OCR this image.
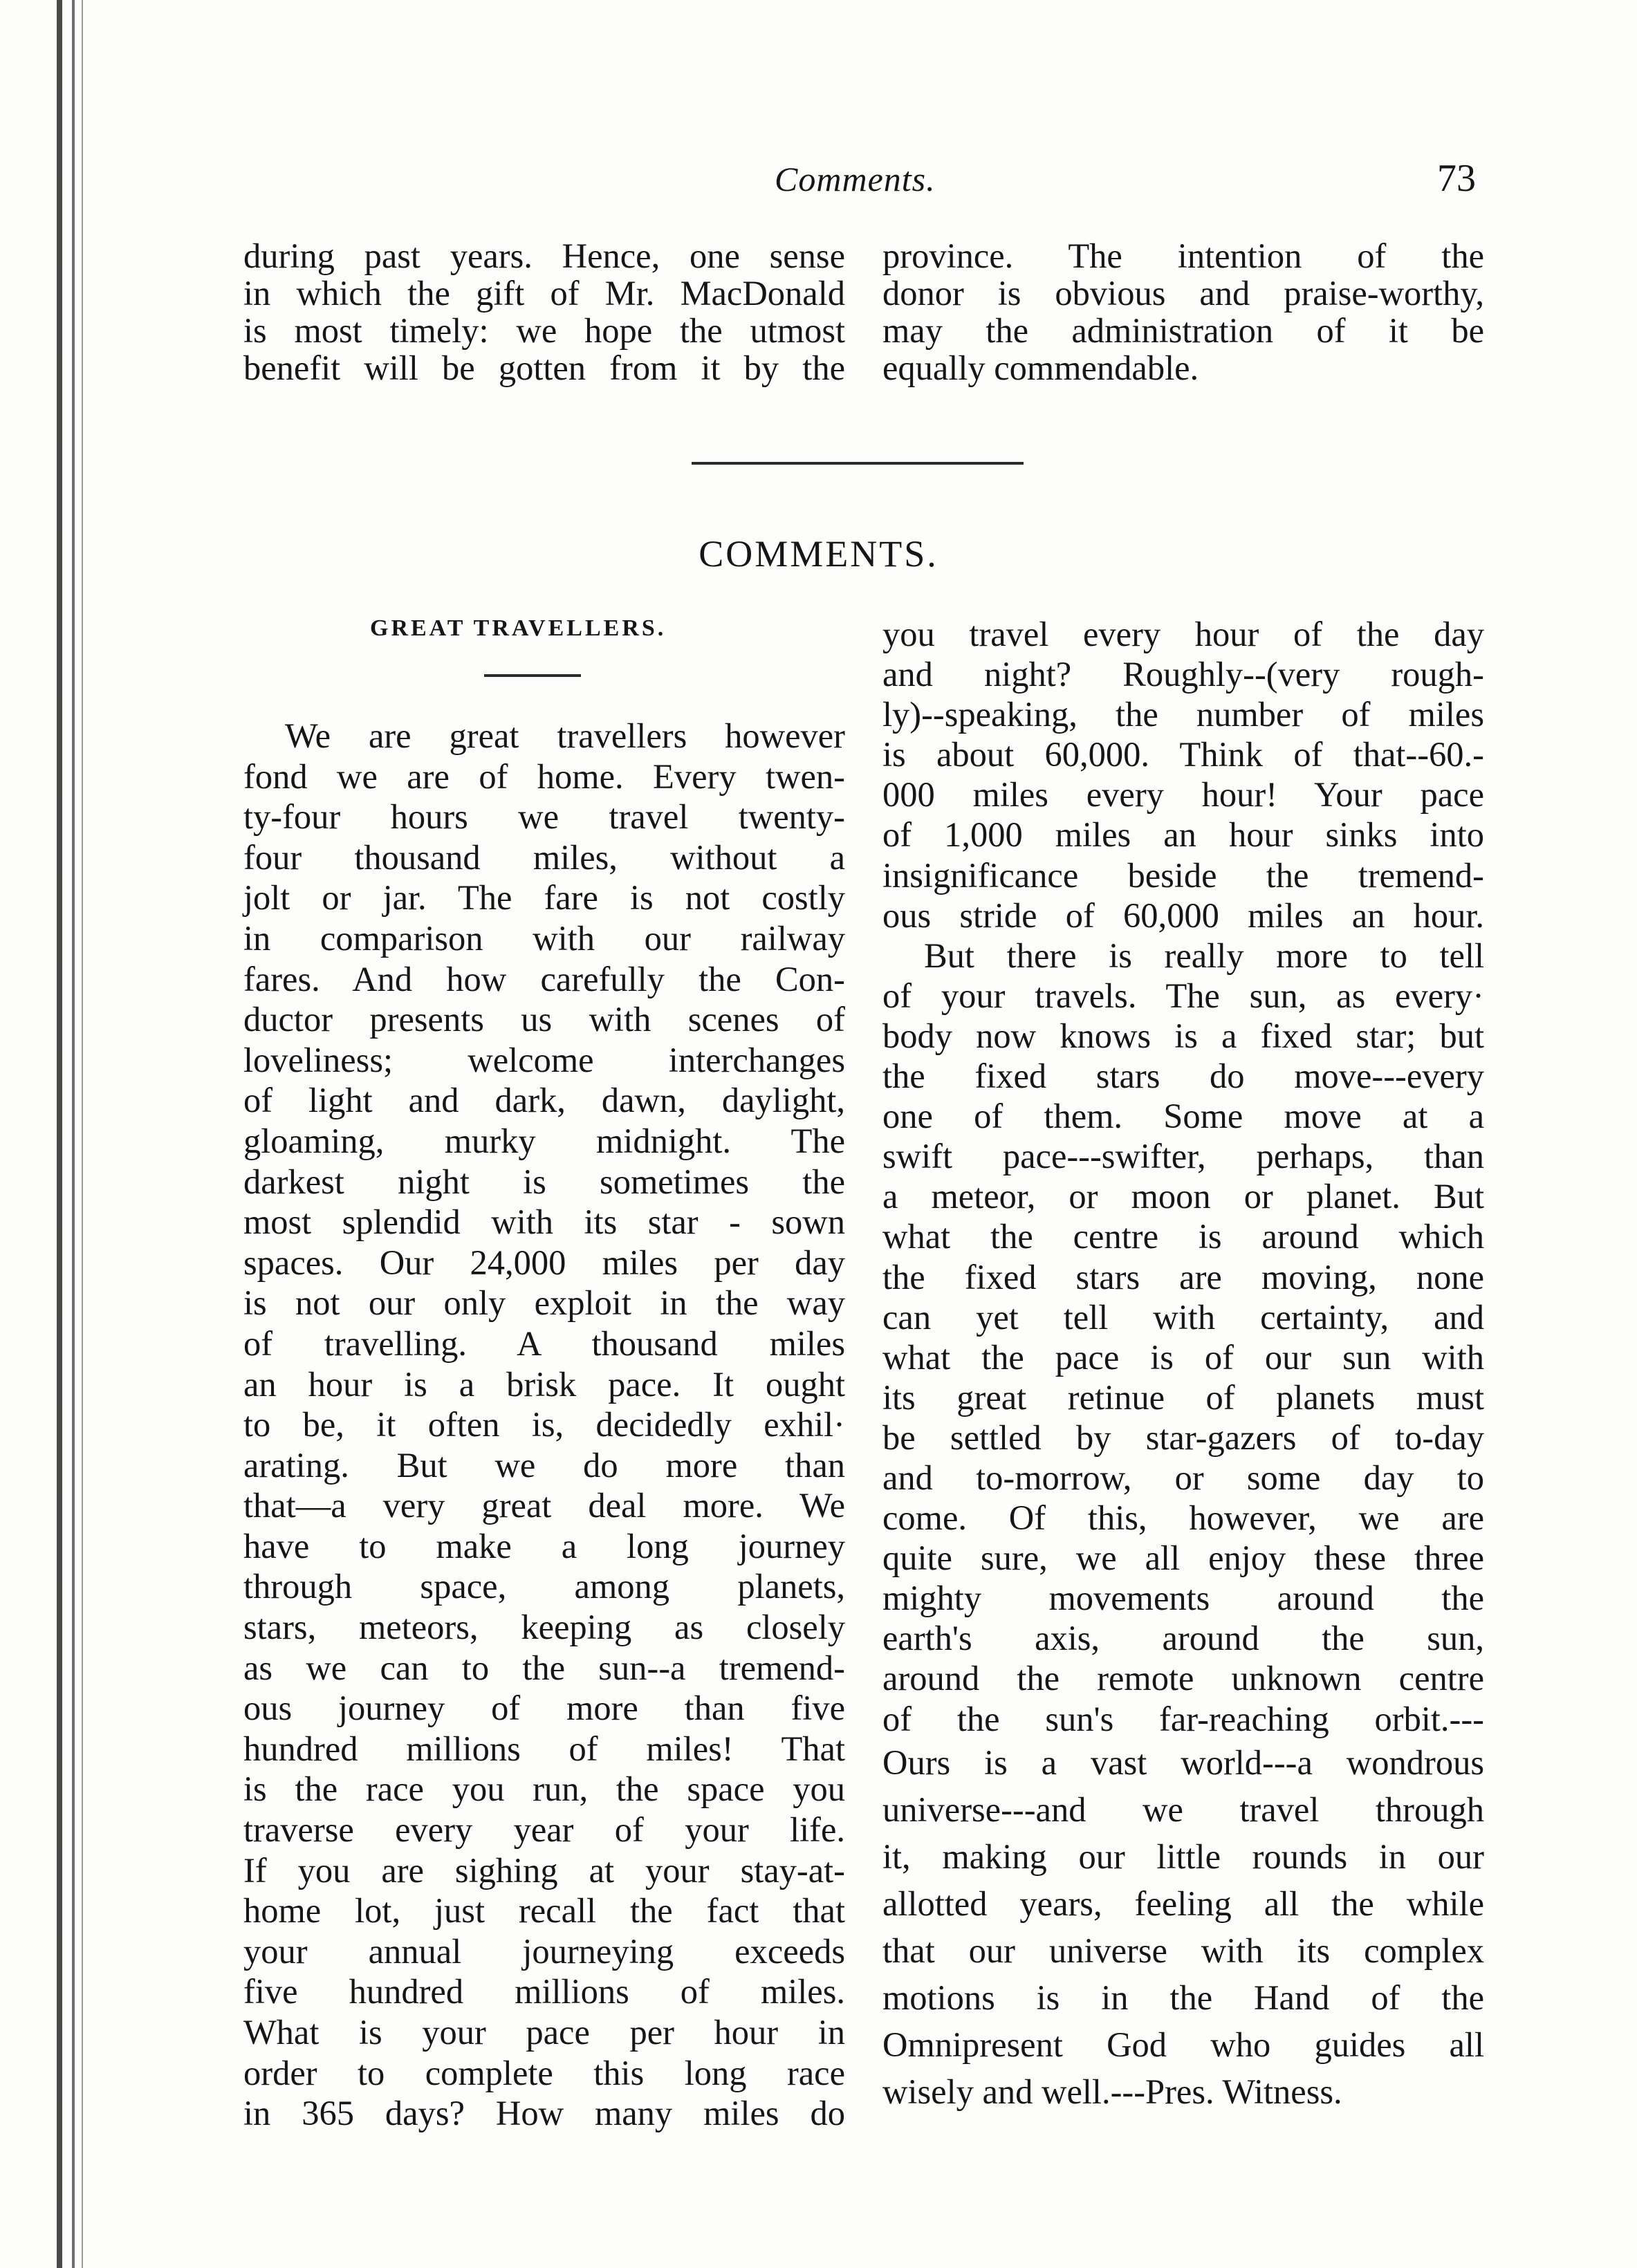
Comments.	73
during past years. Hence, one sense
in which the gift of Mr. MacDonald
is most timely: we hope the utmost
benefit will be gotten from it by the
province. The intention of the
donor is obvious and praise-worthy,
may the administration of it be
equally commendable.
COMMENTS.
GREAT TRAVELLERS.
We are great travellers however
fond we are of home. Every twen-
ty-four hours we travel twenty-
four thousand miles, without a
jolt or jar. The fare is not costly
in comparison with our railway
fares. And how carefully the Con-
ductor presents us with scenes of
loveliness; welcome interchanges
of light and dark, dawn, daylight,
gloaming, murky midnight. The
darkest night is sometimes the
most splendid with its star - sown
spaces. Our 24,000 miles per day
is not our only exploit in the way
of travelling. A thousand miles
an hour is a brisk pace. It ought
to be, it often is, decidedly exhil·
arating. But we do more than
that—a very great deal more. We
have to make a long journey
through space, among planets,
stars, meteors, keeping as closely
as we can to the sun--a tremend-
ous journey of more than five
hundred millions of miles! That
is the race you run, the space you
traverse every year of your life.
If you are sighing at your stay-at-
home lot, just recall the fact that
your annual journeying exceeds
five hundred millions of miles.
What is your pace per hour in
order to complete this long race
in 365 days? How many miles do
you travel every hour of the day
and night? Roughly--(very rough-
ly)--speaking, the number of miles
is about 60,000. Think of that--60.-
000 miles every hour! Your pace
of 1,000 miles an hour sinks into
insignificance beside the tremend-
ous stride of 60,000 miles an hour.
But there is really more to tell
of your travels. The sun, as every·
body now knows is a fixed star; but
the fixed stars do move---every
one of them. Some move at a
swift pace---swifter, perhaps, than
a meteor, or moon or planet. But
what the centre is around which
the fixed stars are moving, none
can yet tell with certainty, and
what the pace is of our sun with
its great retinue of planets must
be settled by star-gazers of to-day
and to-morrow, or some day to
come. Of this, however, we are
quite sure, we all enjoy these three
mighty movements around the
earth's axis, around the sun,
around the remote unknown centre
of the sun's far-reaching orbit.---
Ours is a vast world---a wondrous
universe---and we travel through
it, making our little rounds in our
allotted years, feeling all the while
that our universe with its complex
motions is in the Hand of the
Omnipresent God who guides all
wisely and well.---Pres. Witness.
